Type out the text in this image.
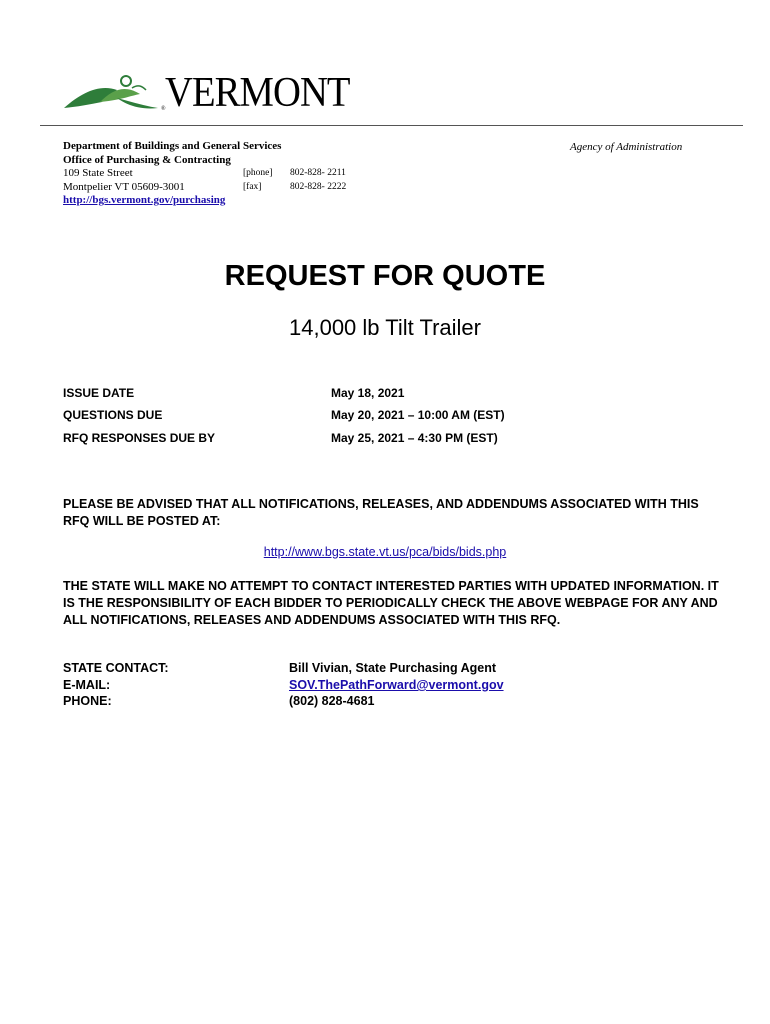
VERMONT
®
Department of Buildings and General Services
Office of Purchasing & Contracting
109 State Street	[phone] 802-828- 2211
Montpelier VT 05609-3001	[fax]	802-828- 2222
http://bgs.vermont.gov/purchasing
Agency of Administration
REQUEST FOR QUOTE
14,000 lb Tilt Trailer
ISSUE DATE	May 18, 2021
QUESTIONS DUE	May 20, 2021 – 10:00 AM (EST)
RFQ RESPONSES DUE BY	May 25, 2021 – 4:30 PM (EST)
PLEASE BE ADVISED THAT ALL NOTIFICATIONS, RELEASES, AND ADDENDUMS ASSOCIATED WITH THIS RFQ WILL BE POSTED AT:
http://www.bgs.state.vt.us/pca/bids/bids.php
THE STATE WILL MAKE NO ATTEMPT TO CONTACT INTERESTED PARTIES WITH UPDATED INFORMATION. IT IS THE RESPONSIBILITY OF EACH BIDDER TO PERIODICALLY CHECK THE ABOVE WEBPAGE FOR ANY AND ALL NOTIFICATIONS, RELEASES AND ADDENDUMS ASSOCIATED WITH THIS RFQ.
STATE CONTACT:	Bill Vivian, State Purchasing Agent
E-MAIL:	SOV.ThePathForward@vermont.gov
PHONE:	(802) 828-4681
